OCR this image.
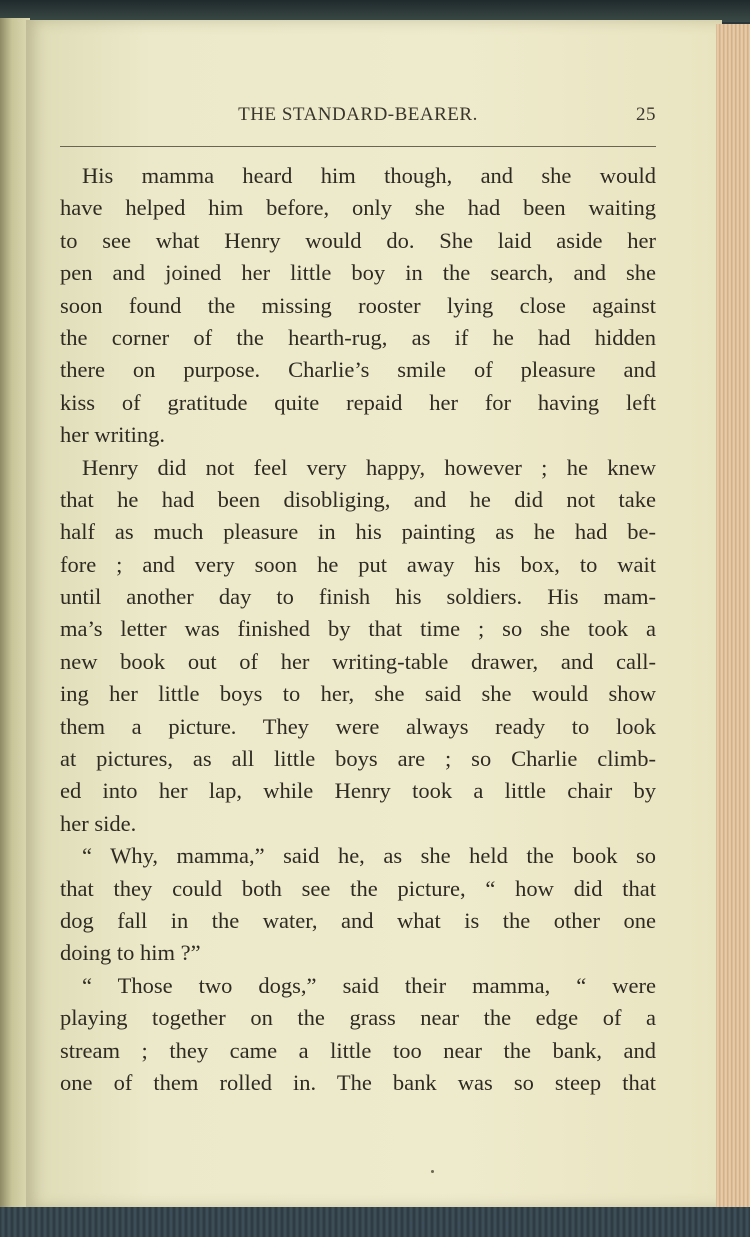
THE STANDARD-BEARER.	25
His mamma heard him though, and she would
have helped him before, only she had been waiting
to see what Henry would do. She laid aside her
pen and joined her little boy in the search, and she
soon found the missing rooster lying close against
the corner of the hearth-rug, as if he had hidden
there on purpose. Charlie’s smile of pleasure and
kiss of gratitude quite repaid her for having left
her writing.
Henry did not feel very happy, however ; he knew
that he had been disobliging, and he did not take
half as much pleasure in his painting as he had be-
fore ; and very soon he put away his box, to wait
until another day to finish his soldiers. His mam-
ma’s letter was finished by that time ; so she took a
new book out of her writing-table drawer, and call-
ing her little boys to her, she said she would show
them a picture. They were always ready to look
at pictures, as all little boys are ; so Charlie climb-
ed into her lap, while Henry took a little chair by
her side.
“ Why, mamma,” said he, as she held the book so
that they could both see the picture, “ how did that
dog fall in the water, and what is the other one
doing to him ?”
“ Those two dogs,” said their mamma, “ were
playing together on the grass near the edge of a
stream ; they came a little too near the bank, and
one of them rolled in. The bank was so steep that
